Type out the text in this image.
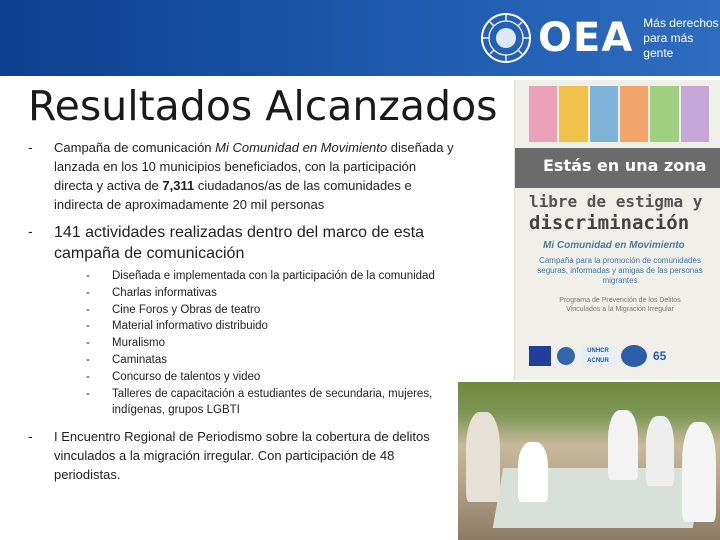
OEA Más derechos
para más gente
Resultados Alcanzados
-	Campaña de comunicación Mi Comunidad en Movimiento diseñada y lanzada en los 10 municipios beneficiados, con la participación directa y activa de 7,311 ciudadanos/as de las comunidades e indirecta de aproximadamente 20 mil personas
-	141 actividades realizadas dentro del marco de esta campaña de comunicación
-	Diseñada e implementada con la participación de la comunidad
-	Charlas informativas
-	Cine Foros y Obras de teatro
-	Material informativo distribuido
-	Muralismo
-	Caminatas
-	Concurso de talentos y video
-	Talleres de capacitación a estudiantes de secundaria, mujeres, indígenas, grupos LGBTI
-	I Encuentro Regional de Periodismo sobre la cobertura de delitos vinculados a la migración irregular. Con participación de 48 periodistas.
Estás en una zona
libre de estigma y
discriminación
Mi Comunidad en Movimiento
Campaña para la promoción de comunidades seguras, informadas y amigas de las personas migrantes
Programa de Prevención de los Delitos Vinculados a la Migración Irregular
UNHCR ACNUR	65
